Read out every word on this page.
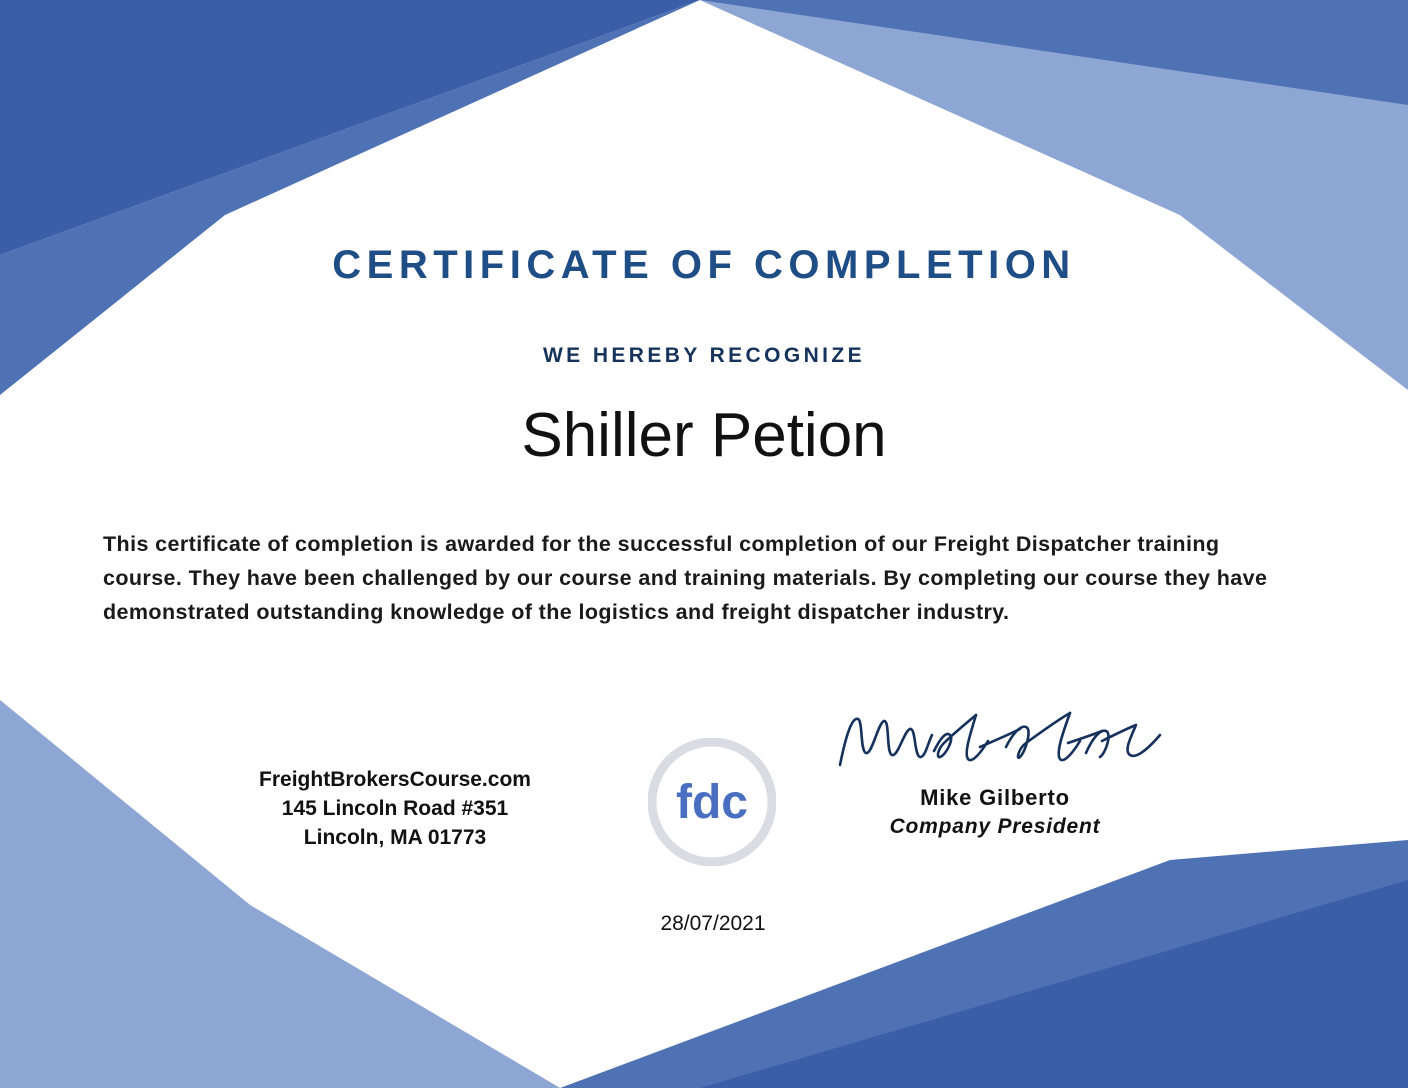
CERTIFICATE OF COMPLETION
WE HEREBY RECOGNIZE
Shiller Petion
This certificate of completion is awarded for the successful completion of our Freight Dispatcher training course. They have been challenged by our course and training materials. By completing our course they have demonstrated outstanding knowledge of the logistics and freight dispatcher industry.
FreightBrokersCourse.com
145 Lincoln Road #351
Lincoln, MA 01773
fdc	Mike Gilberto
Company President
28/07/2021
